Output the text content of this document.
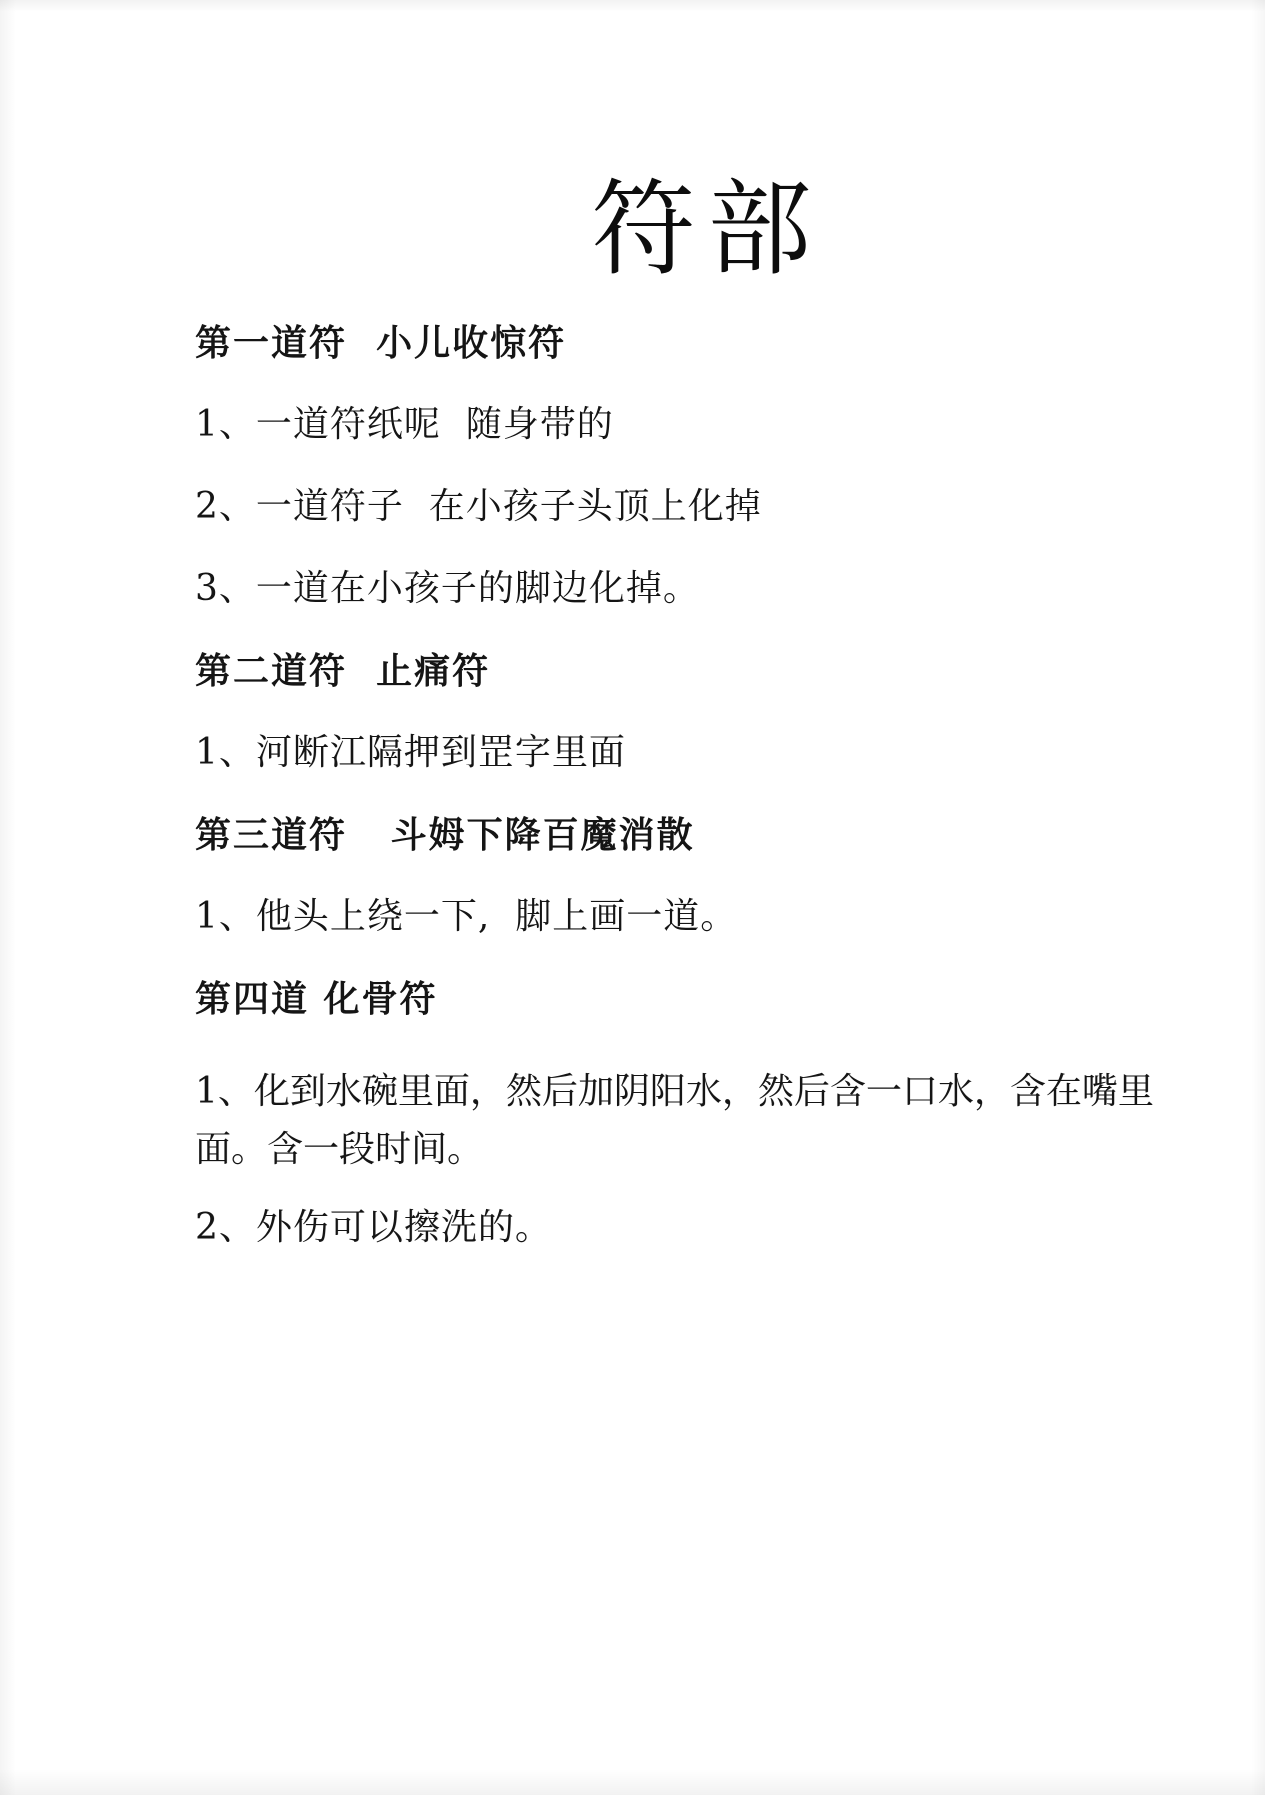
符部

第一道符  小儿收惊符

1、一道符纸呢  随身带的

2、一道符子  在小孩子头顶上化掉

3、一道在小孩子的脚边化掉。

第二道符  止痛符

1、河断江隔押到罡字里面

第三道符   斗姆下降百魔消散

1、他头上绕一下,  脚上画一道。

第四道 化骨符

1、化到水碗里面，然后加阴阳水，然后含一口水，含在嘴里面。含一段时间。

2、外伤可以擦洗的。
